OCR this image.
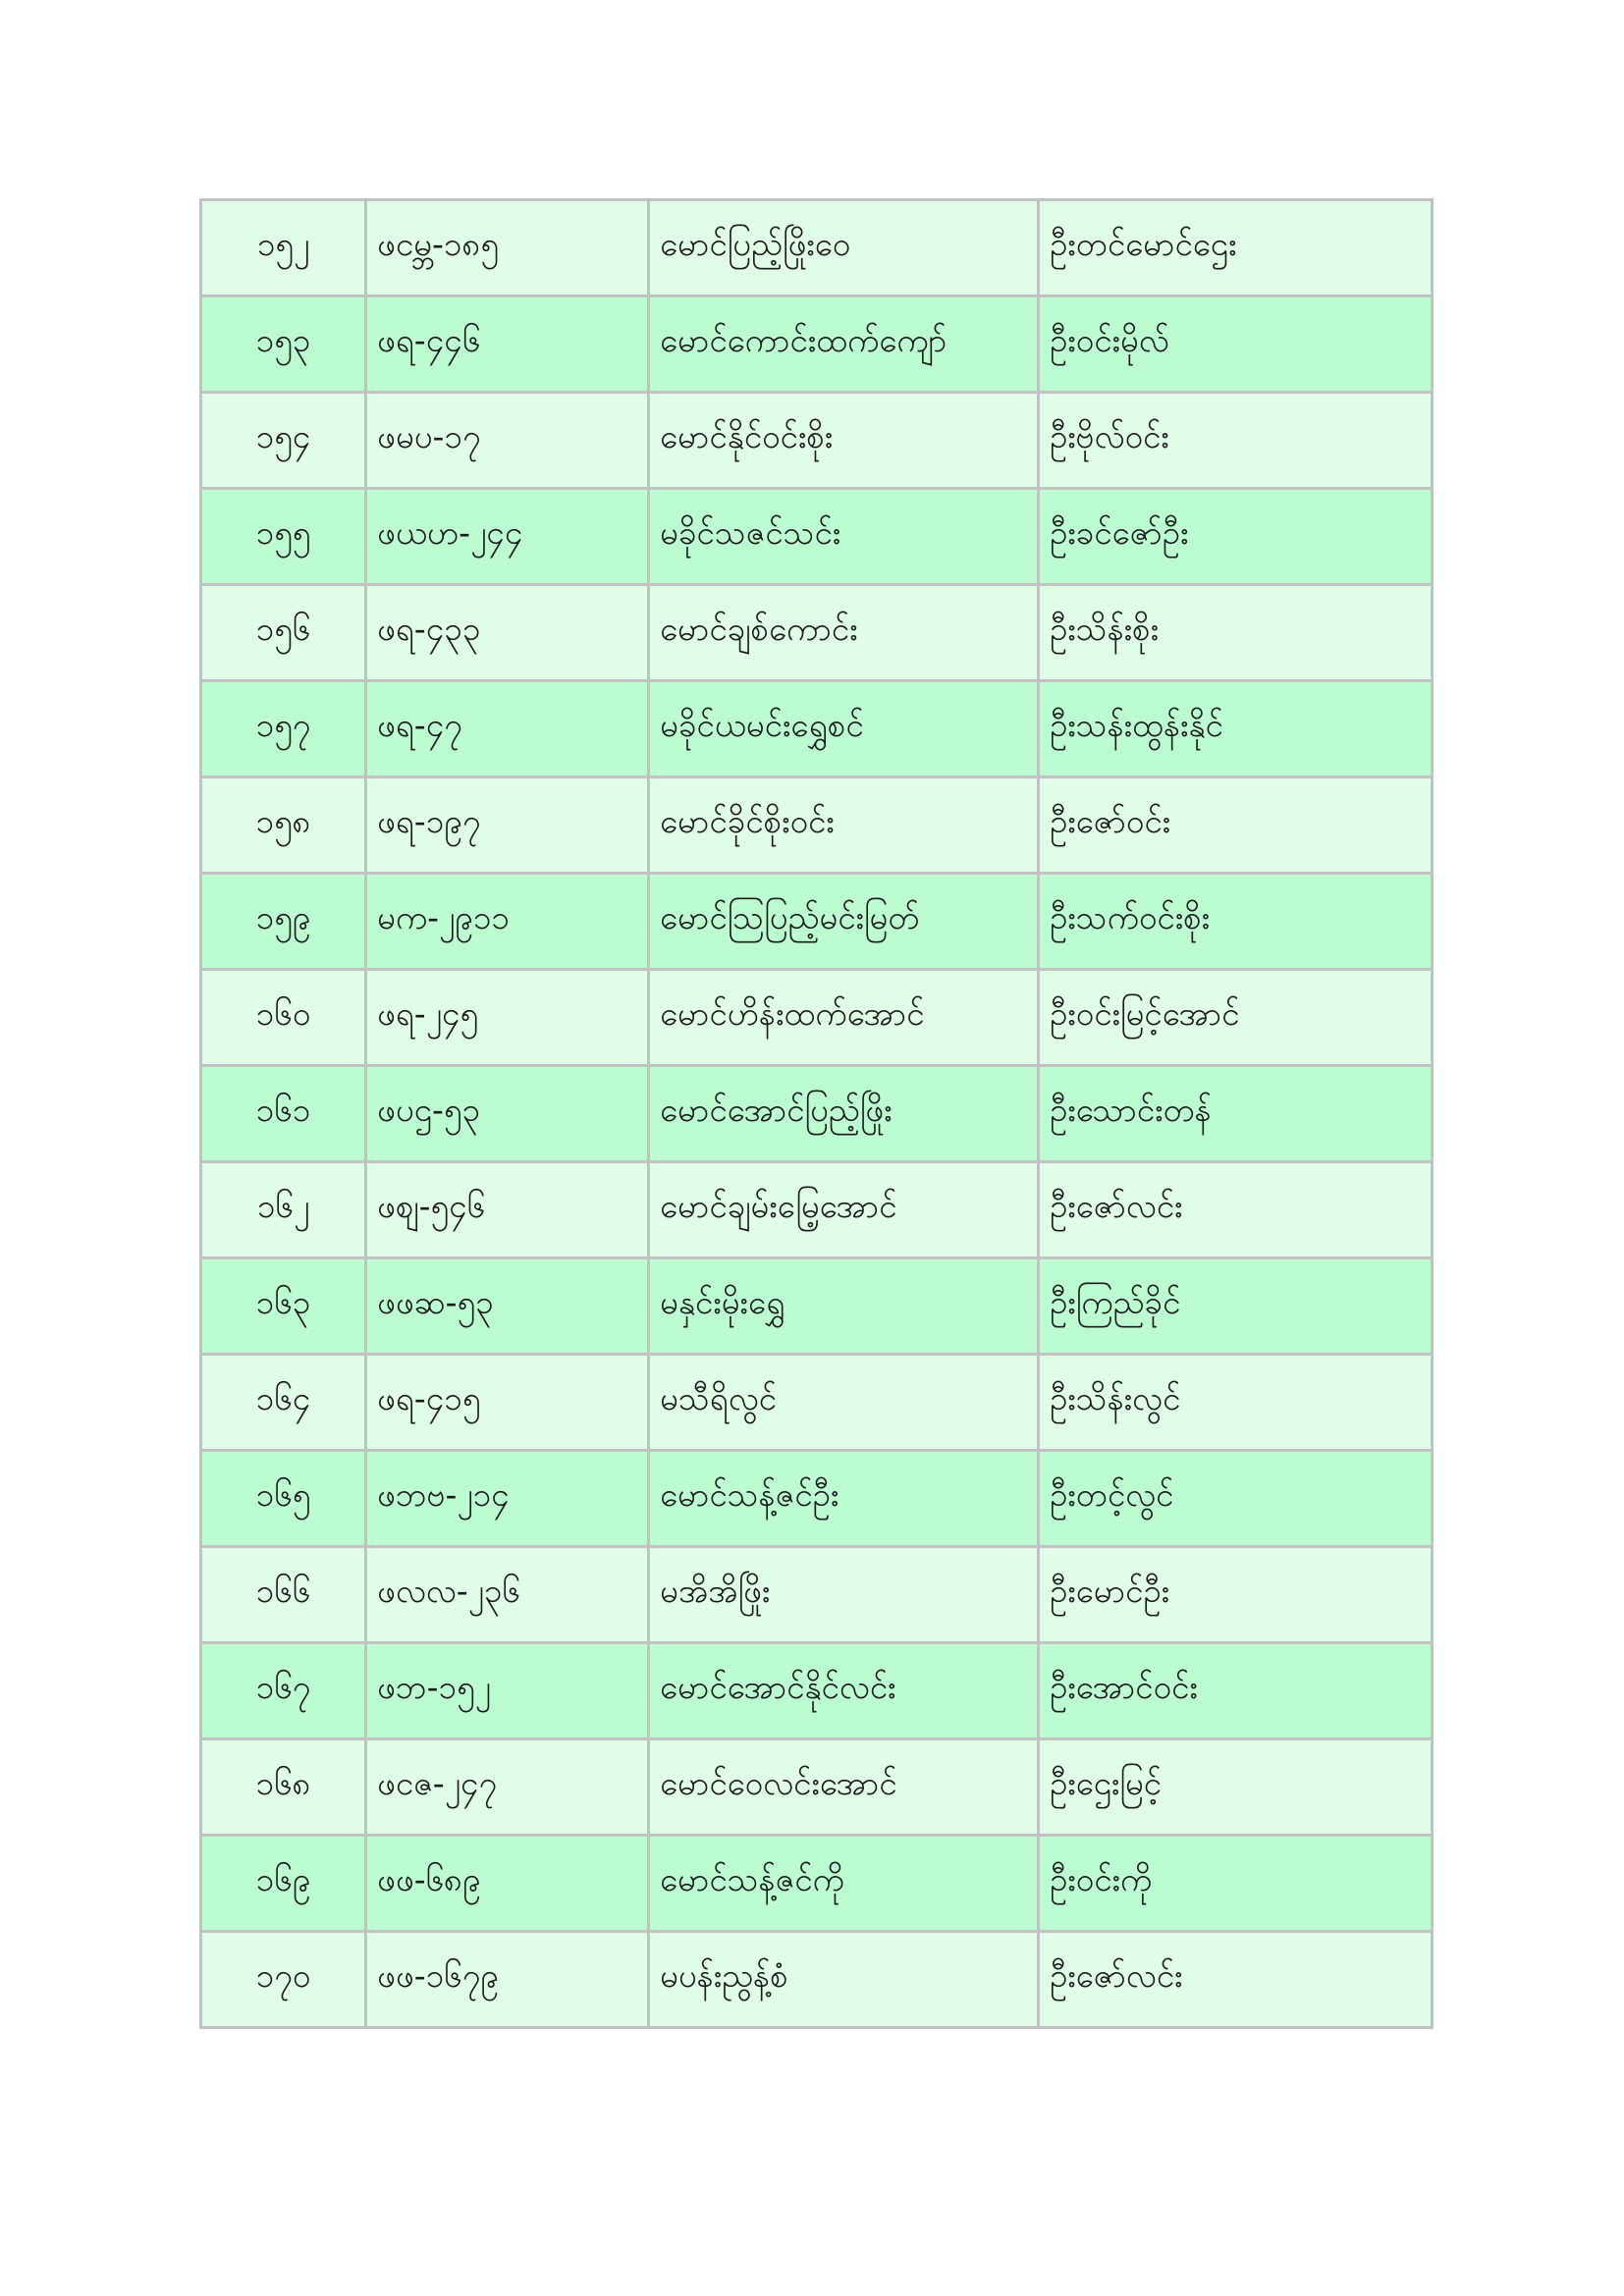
၁၅၂	ဖငမ္ဘ-၁၈၅	မောင်ပြည့်ဖြိုးဝေ	ဦးတင်မောင်ဌေး
၁၅၃	ဖရ-၄၄၆	မောင်ကောင်းထက်ကျော်	ဦးဝင်းမိုလ်
၁၅၄	ဖမပ-၁၇	မောင်နိုင်ဝင်းစိုး	ဦးဗိုလ်ဝင်း
၁၅၅	ဖယဟ-၂၄၄	မခိုင်သဇင်သင်း	ဦးခင်ဇော်ဦး
၁၅၆	ဖရ-၄၃၃	မောင်ချစ်ကောင်း	ဦးသိန်းစိုး
၁၅၇	ဖရ-၄၇	မခိုင်ယမင်းရွှေစင်	ဦးသန်းထွန်းနိုင်
၁၅၈	ဖရ-၁၉၇	မောင်ခိုင်စိုးဝင်း	ဦးဇော်ဝင်း
၁၅၉	မက-၂၉၁၁	မောင်သြပြည့်မင်းမြတ်	ဦးသက်ဝင်းစိုး
၁၆၀	ဖရ-၂၄၅	မောင်ဟိန်းထက်အောင်	ဦးဝင်းမြင့်အောင်
၁၆၁	ဖပဌ-၅၃	မောင်အောင်ပြည့်ဖြိုး	ဦးသောင်းတန်
၁၆၂	ဖစျ-၅၄၆	မောင်ချမ်းမြေ့အောင်	ဦးဇော်လင်း
၁၆၃	ဖဖဆ-၅၃	မနှင်းမိုးရွှေ	ဦးကြည်ခိုင်
၁၆၄	ဖရ-၄၁၅	မသီရိလွင်	ဦးသိန်းလွင်
၁၆၅	ဖဘဗ-၂၁၄	မောင်သန့်ဇင်ဦး	ဦးတင့်လွင်
၁၆၆	ဖလလ-၂၃၆	မအိအိဖြိုး	ဦးမောင်ဦး
၁၆၇	ဖဘ-၁၅၂	မောင်အောင်နိုင်လင်း	ဦးအောင်ဝင်း
၁၆၈	ဖငဇ-၂၄၇	မောင်ဝေလင်းအောင်	ဦးဌေးမြင့်
၁၆၉	ဖဖ-၆၈၉	မောင်သန့်ဇင်ကို	ဦးဝင်းကို
၁၇၀	ဖဖ-၁၆၇၉	မပန်းညွန့်စံ	ဦးဇော်လင်း
